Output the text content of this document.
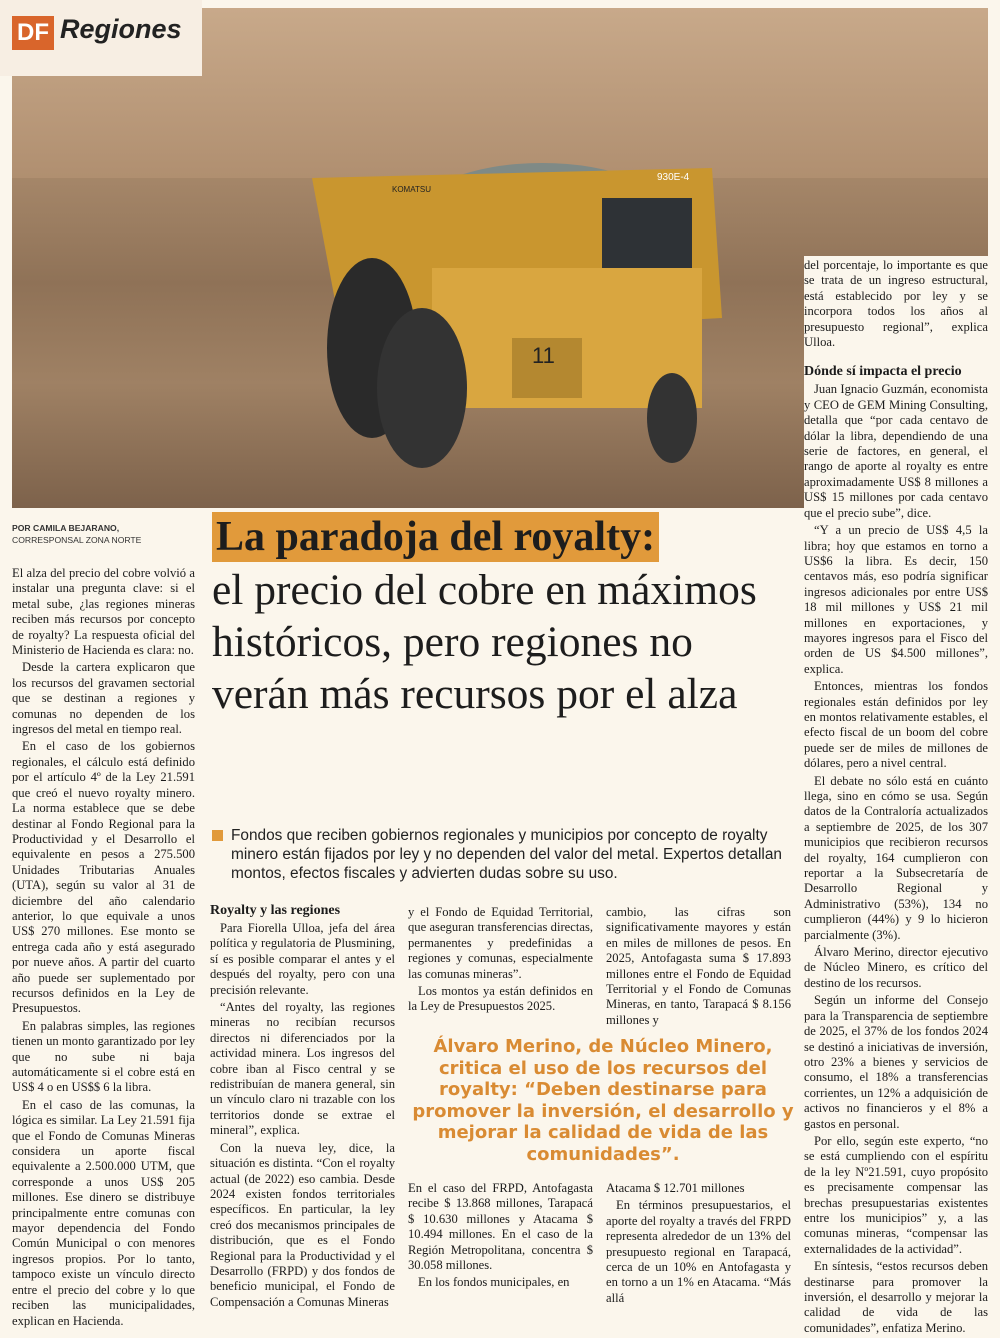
930E-4
KOMATSU
11
DF Regiones
POR CAMILA BEJARANO,
CORRESPONSAL ZONA NORTE La paradoja del royalty:
el precio del cobre en máximos históricos, pero regiones no verán más recursos por el alza
Fondos que reciben gobiernos regionales y municipios por concepto de royalty minero están fijados por ley y no dependen del valor del metal. Expertos detallan montos, efectos fiscales y advierten dudas sobre su uso.

El alza del precio del cobre volvió a instalar una pregunta clave: si el metal sube, ¿las regiones mineras reciben más recursos por concepto de royalty? La respuesta oficial del Ministerio de Hacienda es clara: no.

Desde la cartera explicaron que los recursos del gravamen sectorial que se destinan a regiones y comunas no dependen de los ingresos del metal en tiempo real.

En el caso de los gobiernos regionales, el cálculo está definido por el artículo 4º de la Ley 21.591 que creó el nuevo royalty minero. La norma establece que se debe destinar al Fondo Regional para la Productividad y el Desarrollo el equivalente en pesos a 275.500 Unidades Tributarias Anuales (UTA), según su valor al 31 de diciembre del año calendario anterior, lo que equivale a unos US$ 270 millones. Ese monto se entrega cada año y está asegurado por nueve años. A partir del cuarto año puede ser suplementado por recursos definidos en la Ley de Presupuestos.

En palabras simples, las regiones tienen un monto garantizado por ley que no sube ni baja automáticamente si el cobre está en US$ 4 o en US$$ 6 la libra.

En el caso de las comunas, la lógica es similar. La Ley 21.591 fija que el Fondo de Comunas Mineras considera un aporte fiscal equivalente a 2.500.000 UTM, que corresponde a unos US$ 205 millones. Ese dinero se distribuye principalmente entre comunas con mayor dependencia del Fondo Común Municipal o con menores ingresos propios. Por lo tanto, tampoco existe un vínculo directo entre el precio del cobre y lo que reciben las municipalidades, explican en Hacienda.

Royalty y las regiones

Para Fiorella Ulloa, jefa del área política y regulatoria de Plusmining, sí es posible comparar el antes y el después del royalty, pero con una precisión relevante.

“Antes del royalty, las regiones mineras no recibían recursos directos ni diferenciados por la actividad minera. Los ingresos del cobre iban al Fisco central y se redistribuían de manera general, sin un vínculo claro ni trazable con los territorios donde se extrae el mineral”, explica.

Con la nueva ley, dice, la situación es distinta. “Con el royalty actual (de 2022) eso cambia. Desde 2024 existen fondos territoriales específicos. En particular, la ley creó dos mecanismos principales de distribución, que es el Fondo Regional para la Productividad y el Desarrollo (FRPD) y dos fondos de beneficio municipal, el Fondo de Compensación a Comunas Mineras

y el Fondo de Equidad Territorial, que aseguran transferencias directas, permanentes y predefinidas a regiones y comunas, especialmente las comunas mineras”.

Los montos ya están definidos en la Ley de Presupuestos 2025.

cambio, las cifras son significativamente mayores y están en miles de millones de pesos. En 2025, Antofagasta suma $ 17.893 millones entre el Fondo de Equidad Territorial y el Fondo de Comunas Mineras, en tanto, Tarapacá $ 8.156 millones y

Álvaro Merino, de Núcleo Minero, critica el uso de los recursos del royalty: “Deben destinarse para promover la inversión, el desarrollo y mejorar la calidad de vida de las comunidades”.

En el caso del FRPD, Antofagasta recibe $ 13.868 millones, Tarapacá $ 10.630 millones y Atacama $ 10.494 millones. En el caso de la Región Metropolitana, concentra $ 30.058 millones.

En los fondos municipales, en

Atacama $ 12.701 millones

En términos presupuestarios, el aporte del royalty a través del FRPD representa alrededor de un 13% del presupuesto regional en Tarapacá, cerca de un 10% en Antofagasta y en torno a un 1% en Atacama. “Más allá

del porcentaje, lo importante es que se trata de un ingreso estructural, está establecido por ley y se incorpora todos los años al presupuesto regional”, explica Ulloa.

Dónde sí impacta el precio

Juan Ignacio Guzmán, economista y CEO de GEM Mining Consulting, detalla que “por cada centavo de dólar la libra, dependiendo de una serie de factores, en general, el rango de aporte al royalty es entre aproximadamente US$ 8 millones a US$ 15 millones por cada centavo que el precio sube”, dice.

“Y a un precio de US$ 4,5 la libra; hoy que estamos en torno a US$6 la libra. Es decir, 150 centavos más, eso podría significar ingresos adicionales por entre US$ 18 mil millones y US$ 21 mil millones en exportaciones, y mayores ingresos para el Fisco del orden de US $4.500 millones”, explica.

Entonces, mientras los fondos regionales están definidos por ley en montos relativamente estables, el efecto fiscal de un boom del cobre puede ser de miles de millones de dólares, pero a nivel central.

El debate no sólo está en cuánto llega, sino en cómo se usa. Según datos de la Contraloría actualizados a septiembre de 2025, de los 307 municipios que recibieron recursos del royalty, 164 cumplieron con reportar a la Subsecretaría de Desarrollo Regional y Administrativo (53%), 134 no cumplieron (44%) y 9 lo hicieron parcialmente (3%).

Álvaro Merino, director ejecutivo de Núcleo Minero, es crítico del destino de los recursos.

Según un informe del Consejo para la Transparencia de septiembre de 2025, el 37% de los fondos 2024 se destinó a iniciativas de inversión, otro 23% a bienes y servicios de consumo, el 18% a transferencias corrientes, un 12% a adquisición de activos no financieros y el 8% a gastos en personal.

Por ello, según este experto, “no se está cumpliendo con el espíritu de la ley Nº21.591, cuyo propósito es precisamente compensar las brechas presupuestarias existentes entre los municipios” y, a las comunas mineras, “compensar las externalidades de la actividad”.

En síntesis, “estos recursos deben destinarse para promover la inversión, el desarrollo y mejorar la calidad de vida de las comunidades”, enfatiza Merino.
